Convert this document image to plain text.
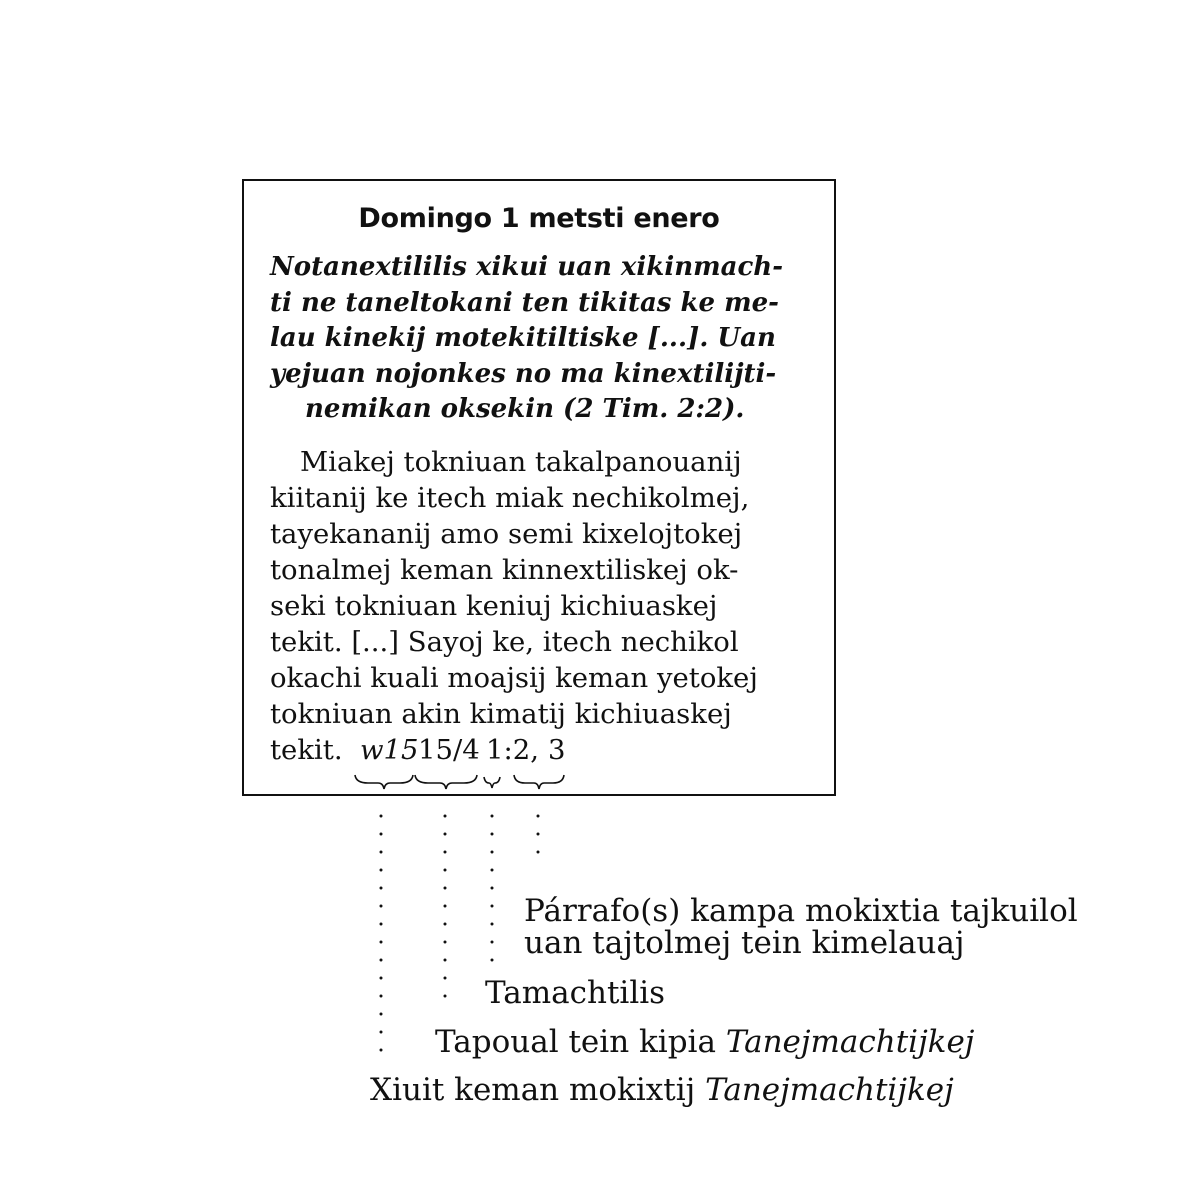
Domingo 1 metsti enero
Notanextililis xikui uan xikinmach-
ti ne taneltokani ten tikitas ke me-
lau kinekij motekitiltiske [...]. Uan
yejuan nojonkes no ma kinextilijti-
nemikan oksekin (2 Tim. 2:2).
Miakej tokniuan takalpanouanij
kiitanij ke itech miak nechikolmej,
tayekananij amo semi kixelojtokej
tonalmej keman kinnextiliskej ok-
seki tokniuan keniuj kichiuaskej
tekit. [...] Sayoj ke, itech nechikol
okachi kuali moajsij keman yetokej
tokniuan akin kimatij kichiuaskej
tekit. w15 15/4 1:2, 3
Párrafo(s) kampa mokixtia tajkuilol
uan tajtolmej tein kimelauaj
Tamachtilis
Tapoual tein kipia Tanejmachtijkej
Xiuit keman mokixtij Tanejmachtijkej
